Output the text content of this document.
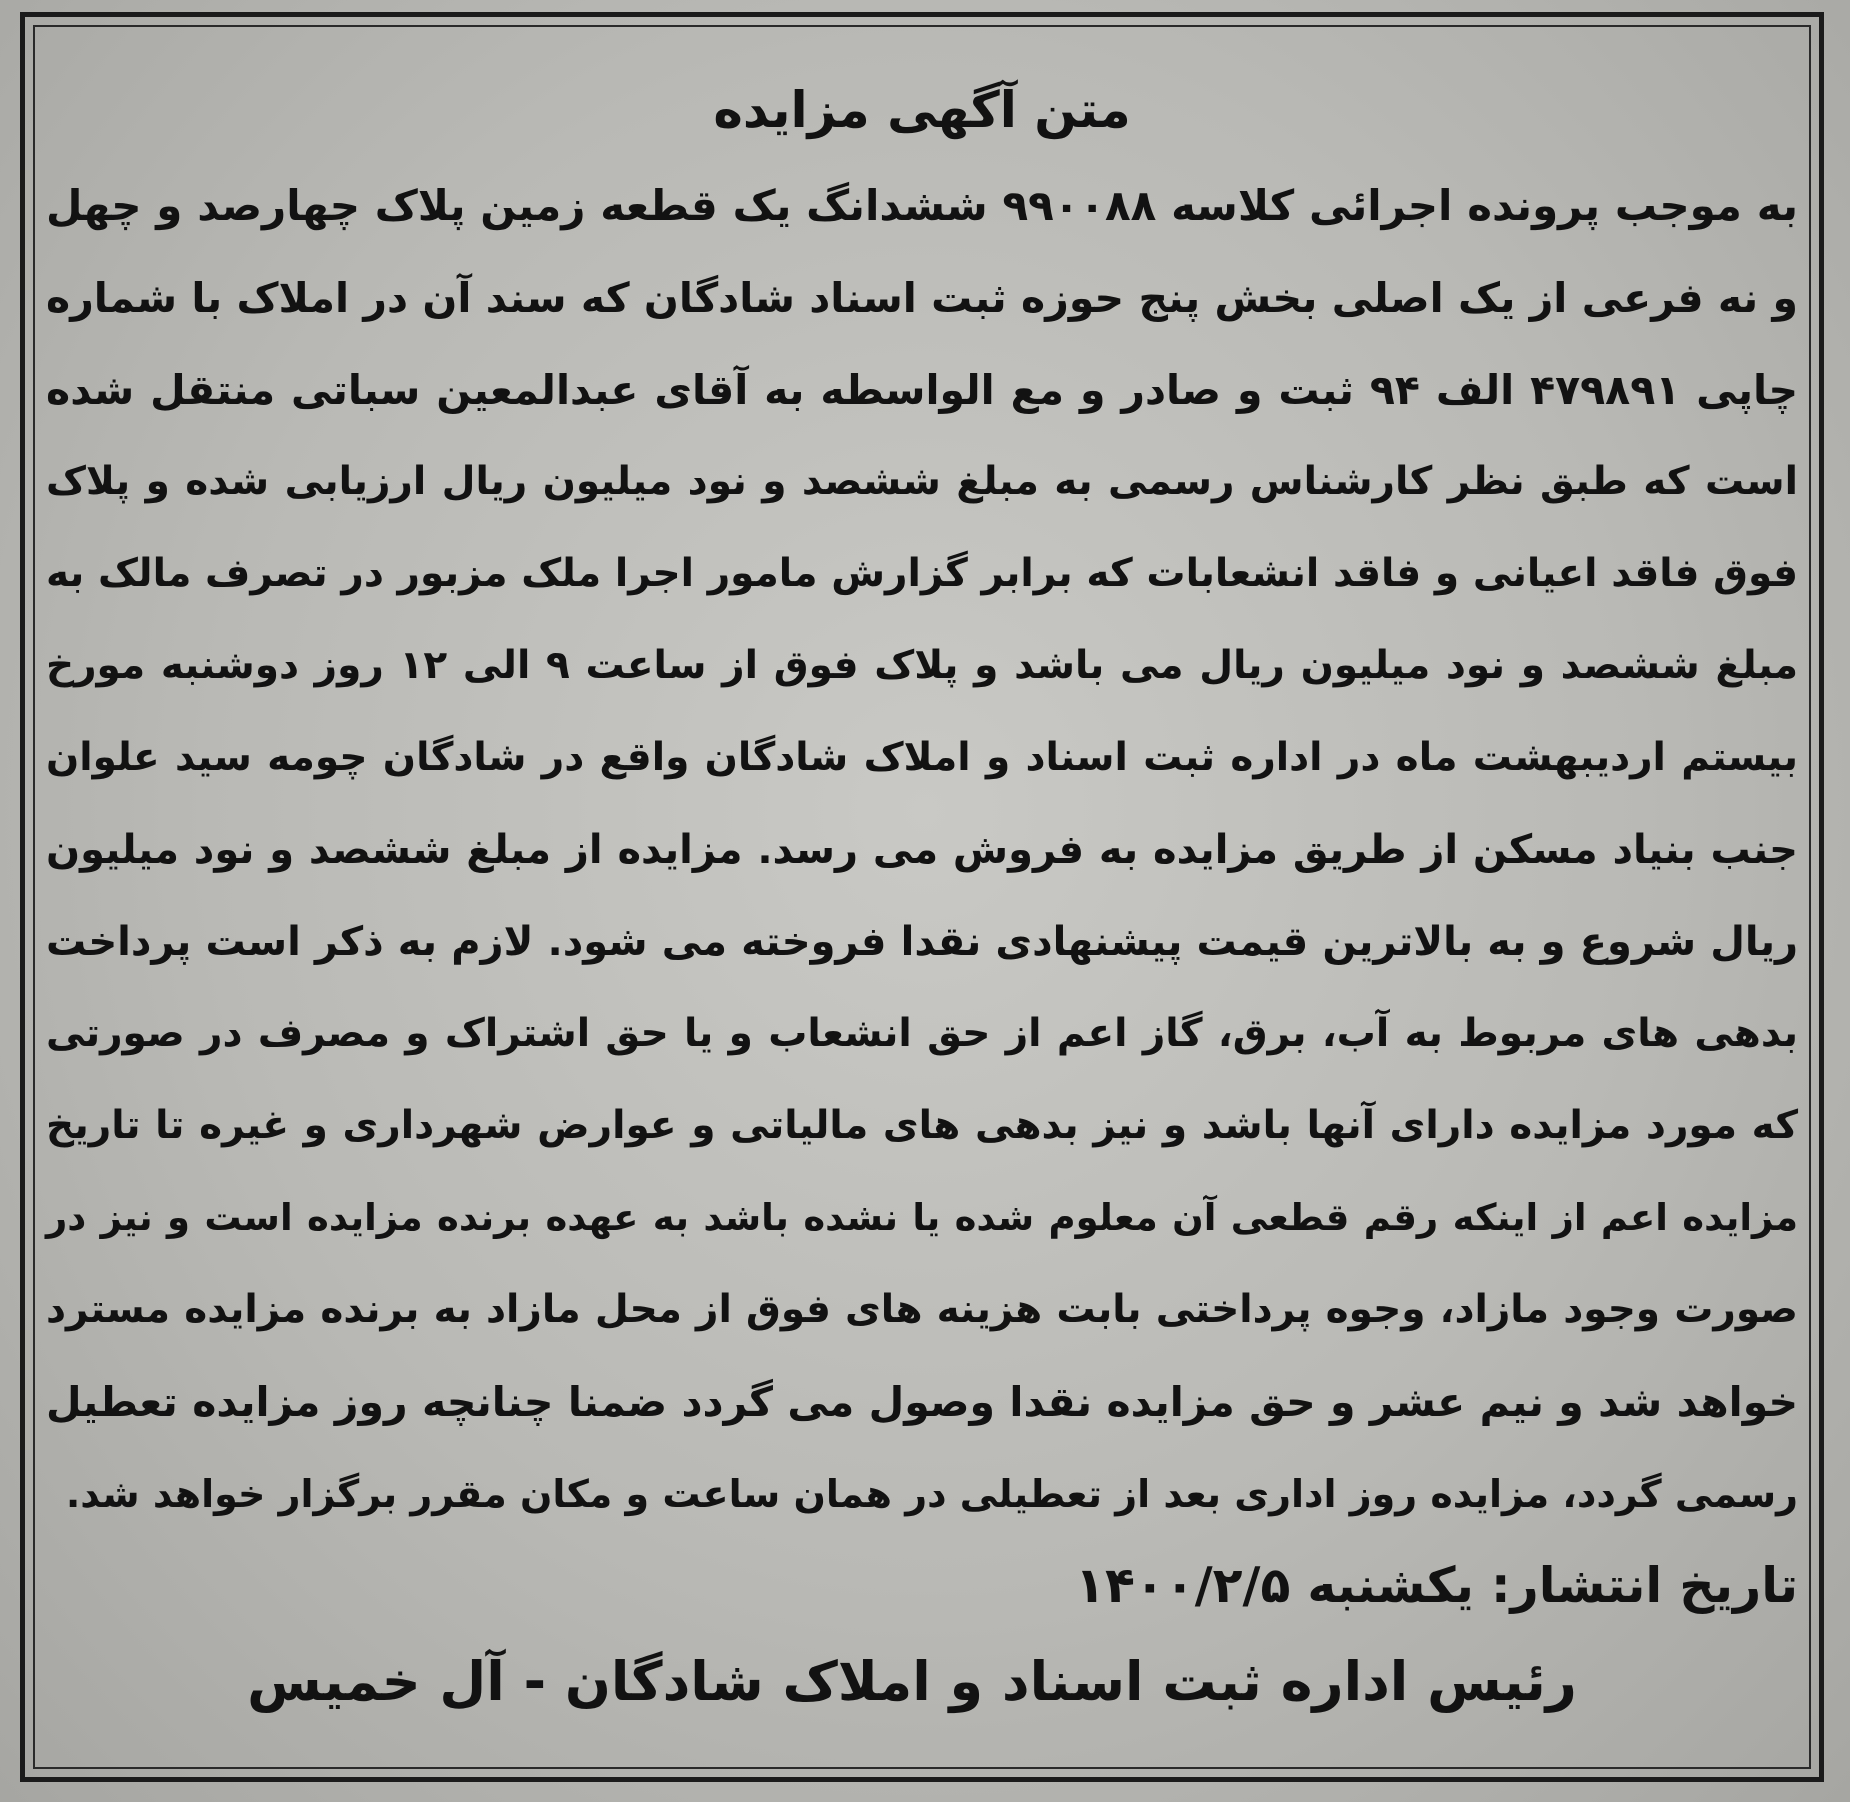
متن آگهی مزایده

به موجب پرونده اجرائی کلاسه ۹۹۰۰۸۸ ششدانگ یک قطعه زمین پلاک چهارصد و چهل

و نه فرعی از یک اصلی بخش پنج حوزه ثبت اسناد شادگان که سند آن در املاک با شماره

چاپی ۴۷۹۸۹۱ الف ۹۴ ثبت و صادر و مع الواسطه به آقای عبدالمعین سباتی منتقل شده

است که طبق نظر کارشناس رسمی به مبلغ ششصد و نود میلیون ریال ارزیابی شده و پلاک

فوق فاقد اعیانی و فاقد انشعابات که برابر گزارش مامور اجرا ملک مزبور در تصرف مالک به

مبلغ ششصد و نود میلیون ریال می باشد و پلاک فوق از ساعت ۹ الی ۱۲ روز دوشنبه مورخ

بیستم اردیبهشت ماه در اداره ثبت اسناد و املاک شادگان واقع در شادگان چومه سید علوان

جنب بنیاد مسکن از طریق مزایده به فروش می رسد. مزایده از مبلغ ششصد و نود میلیون

ریال شروع و به بالاترین قیمت پیشنهادی نقدا فروخته می شود. لازم به ذکر است پرداخت

بدهی های مربوط به آب، برق، گاز اعم از حق انشعاب و یا حق اشتراک و مصرف در صورتی

که مورد مزایده دارای آنها باشد و نیز بدهی های مالیاتی و عوارض شهرداری و غیره تا تاریخ

مزایده اعم از اینکه رقم قطعی آن معلوم شده یا نشده باشد به عهده برنده مزایده است و نیز در

صورت وجود مازاد، وجوه پرداختی بابت هزینه های فوق از محل مازاد به برنده مزایده مسترد

خواهد شد و نیم عشر و حق مزایده نقدا وصول می گردد ضمنا چنانچه روز مزایده تعطیل

رسمی گردد، مزایده روز اداری بعد از تعطیلی در همان ساعت و مکان مقرر برگزار خواهد شد.

تاریخ انتشار: یکشنبه ۱۴۰۰/۲/۵

رئیس اداره ثبت اسناد و املاک شادگان - آل خمیس
